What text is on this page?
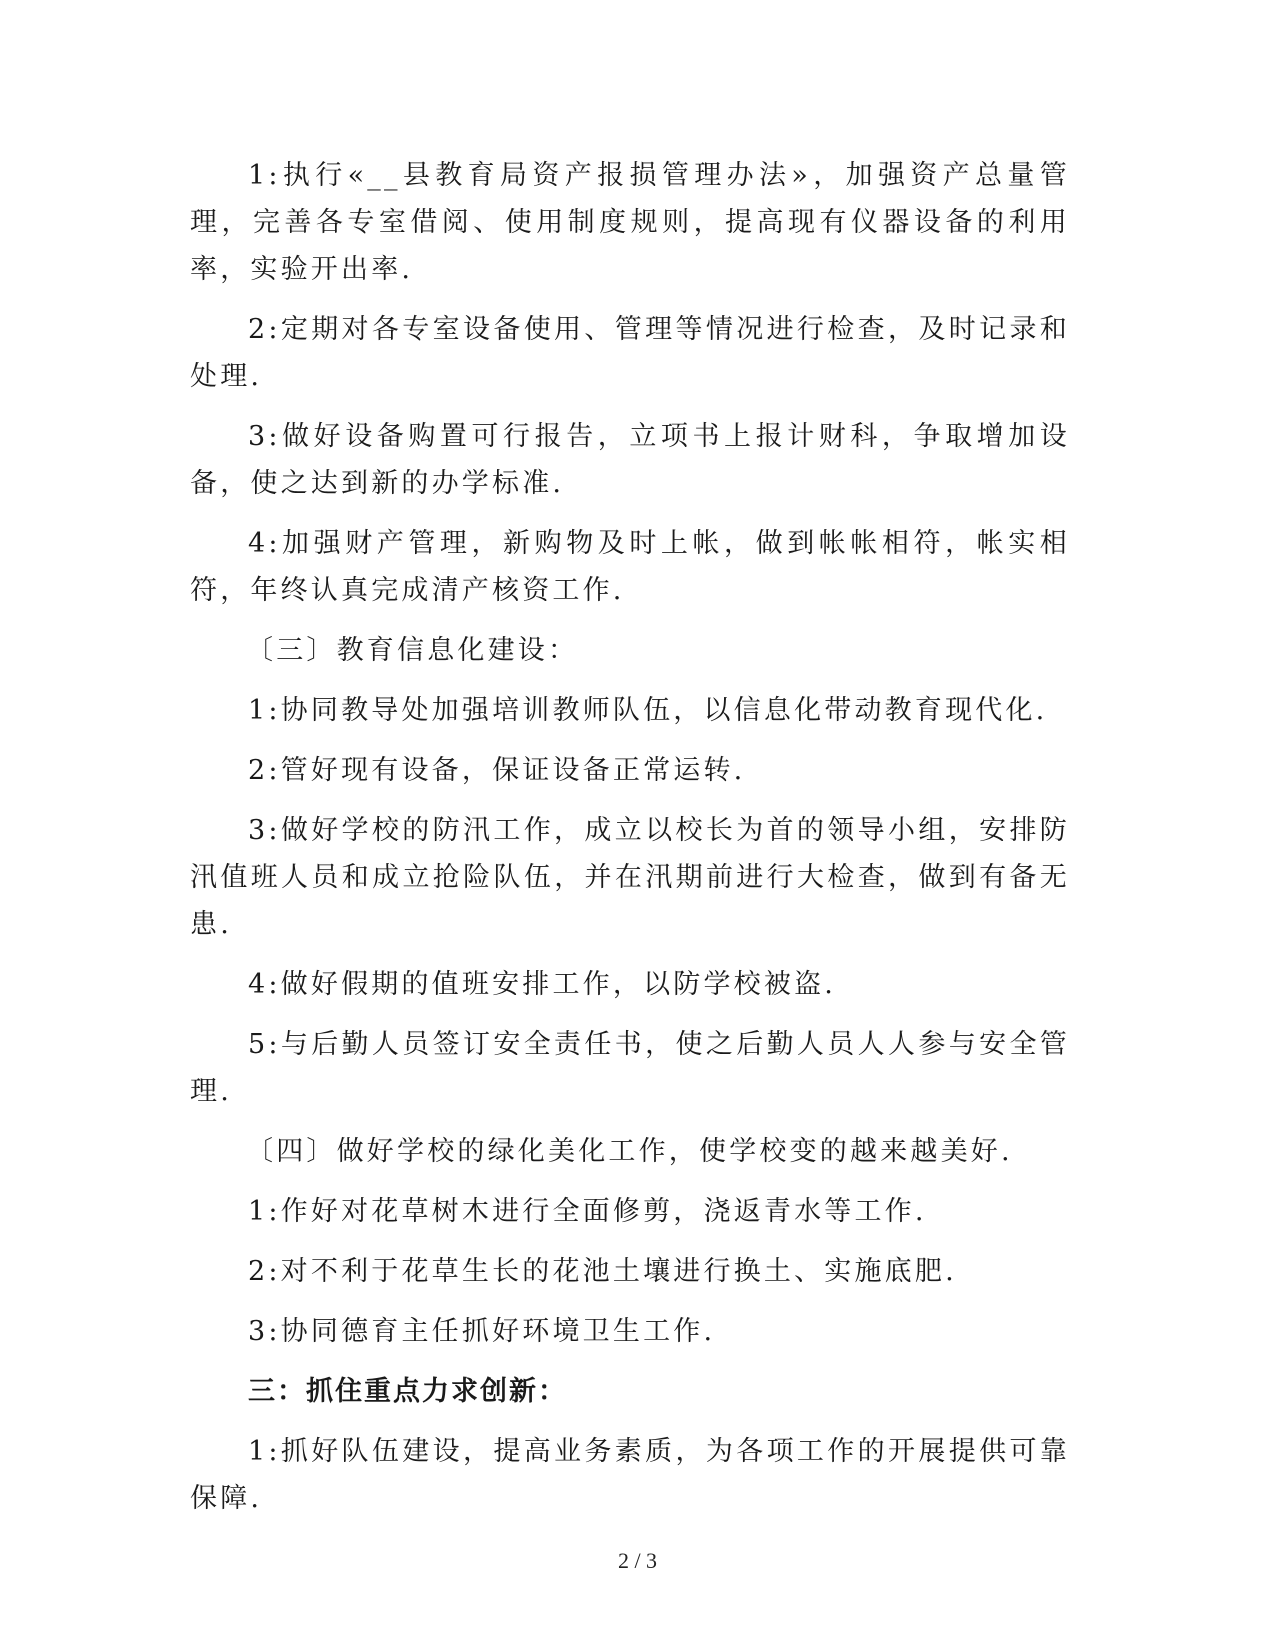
1:执行«__县教育局资产报损管理办法»，加强资产总量管理，完善各专室借阅、使用制度规则，提高现有仪器设备的利用率，实验开出率.

2:定期对各专室设备使用、管理等情况进行检查，及时记录和处理.

3:做好设备购置可行报告，立项书上报计财科，争取增加设备，使之达到新的办学标准.

4:加强财产管理，新购物及时上帐，做到帐帐相符，帐实相符，年终认真完成清产核资工作.

〔三〕教育信息化建设：

1:协同教导处加强培训教师队伍，以信息化带动教育现代化.

2:管好现有设备，保证设备正常运转.

3:做好学校的防汛工作，成立以校长为首的领导小组，安排防汛值班人员和成立抢险队伍，并在汛期前进行大检查，做到有备无患.

4:做好假期的值班安排工作，以防学校被盗.

5:与后勤人员签订安全责任书，使之后勤人员人人参与安全管理.

〔四〕做好学校的绿化美化工作，使学校变的越来越美好.

1:作好对花草树木进行全面修剪，浇返青水等工作.

2:对不利于花草生长的花池土壤进行换土、实施底肥.

3:协同德育主任抓好环境卫生工作.

三：抓住重点力求创新：

1:抓好队伍建设，提高业务素质，为各项工作的开展提供可靠保障.

2 / 3
